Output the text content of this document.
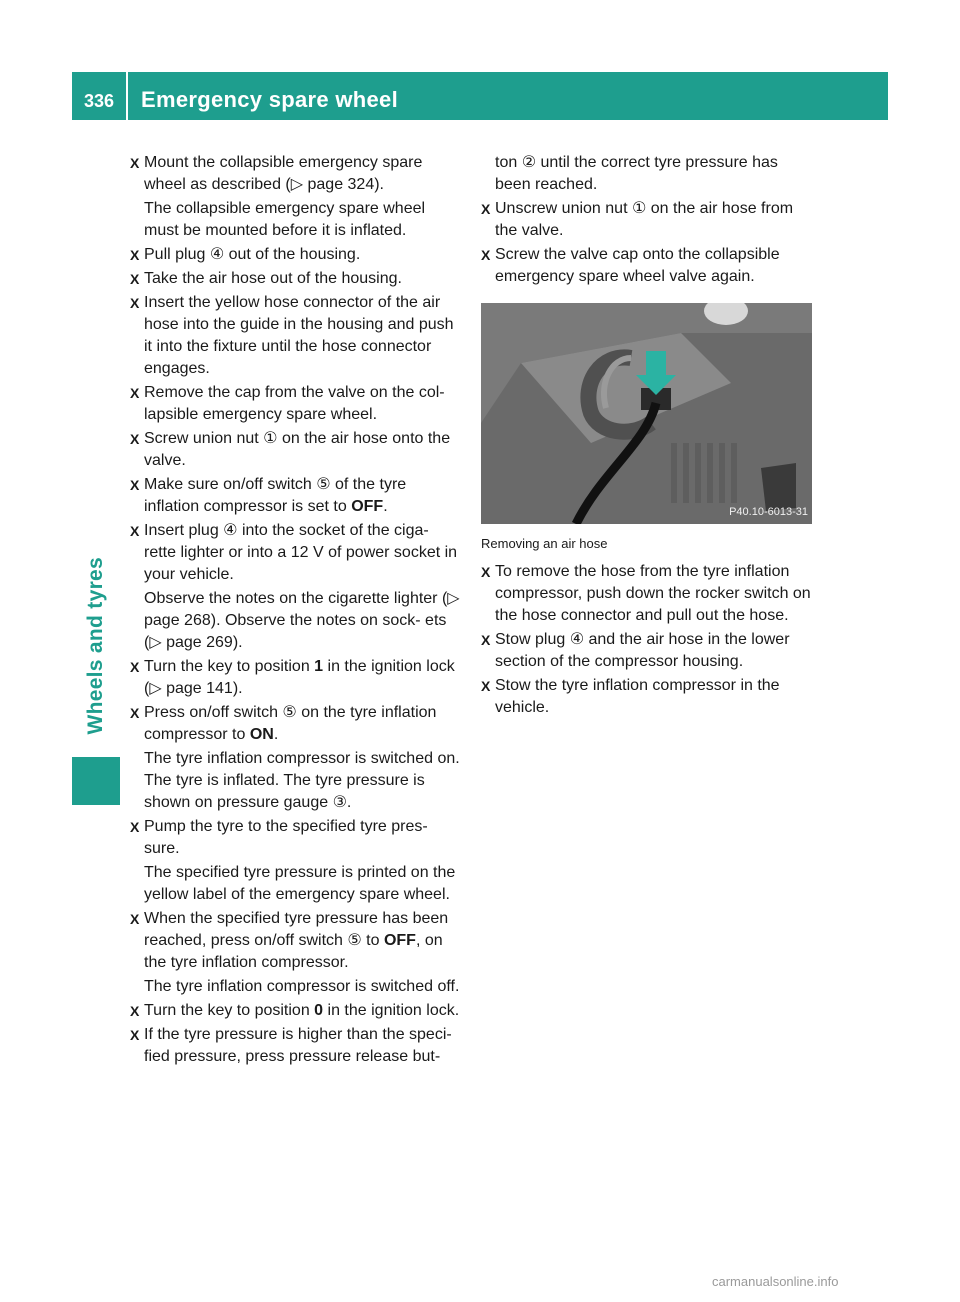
336 Emergency spare wheel
Wheels and tyres
X Mount the collapsible emergency spare wheel as described (▷ page 324).
The collapsible emergency spare wheel must be mounted before it is inflated.
X Pull plug ④ out of the housing.
X Take the air hose out of the housing.
X Insert the yellow hose connector of the air hose into the guide in the housing and push it into the fixture until the hose connector engages.
X Remove the cap from the valve on the col- lapsible emergency spare wheel.
X Screw union nut ① on the air hose onto the valve.
X Make sure on/off switch ⑤ of the tyre inflation compressor is set to OFF.
X Insert plug ④ into the socket of the ciga- rette lighter or into a 12 V of power socket in your vehicle.
Observe the notes on the cigarette lighter (▷ page 268). Observe the notes on sock- ets (▷ page 269).
X Turn the key to position 1 in the ignition lock (▷ page 141).
X Press on/off switch ⑤ on the tyre inflation compressor to ON.
The tyre inflation compressor is switched on. The tyre is inflated. The tyre pressure is shown on pressure gauge ③.
X Pump the tyre to the specified tyre pres- sure.
The specified tyre pressure is printed on the yellow label of the emergency spare wheel.
X When the specified tyre pressure has been reached, press on/off switch ⑤ to OFF, on the tyre inflation compressor.
The tyre inflation compressor is switched off.
X Turn the key to position 0 in the ignition lock.
X If the tyre pressure is higher than the speci- fied pressure, press pressure release but-
ton ② until the correct tyre pressure has been reached.
X Unscrew union nut ① on the air hose from the valve.
X Screw the valve cap onto the collapsible emergency spare wheel valve again.
P40.10-6013-31
Removing an air hose
X To remove the hose from the tyre inflation compressor, push down the rocker switch on the hose connector and pull out the hose.
X Stow plug ④ and the air hose in the lower section of the compressor housing.
X Stow the tyre inflation compressor in the vehicle.
carmanualsonline.info
